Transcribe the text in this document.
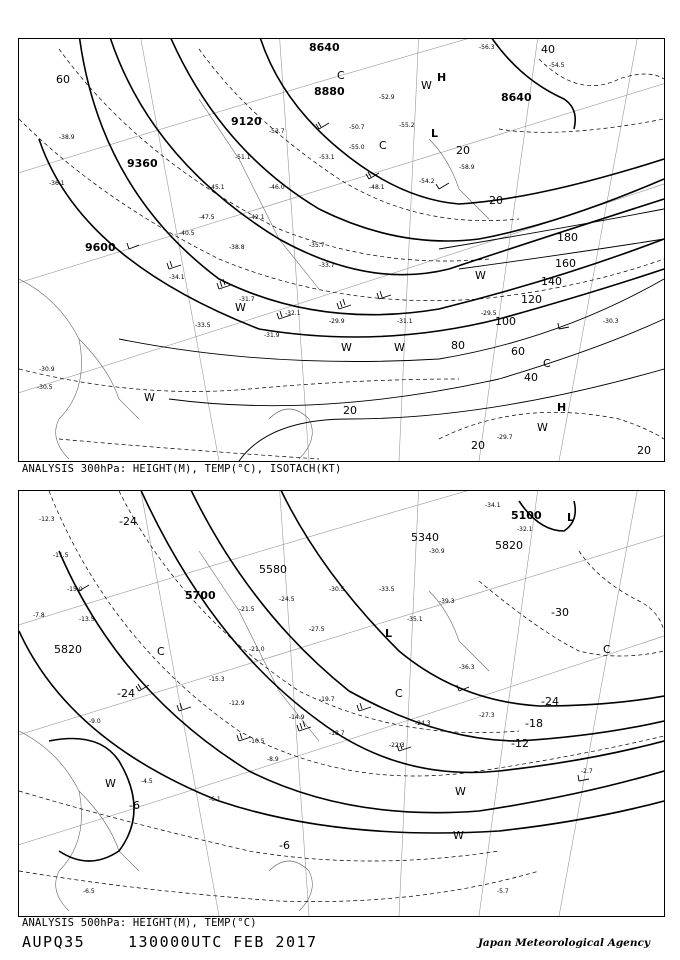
8640
8880
9120
9360
9600
8640
60
20
40
60
80
100
120
140
160
180
20
40
20	20
20
-56.3
-54.5
-53.7
-55.0
-54.2
-51.1	-53.1
-48.1
-45.1	-46.0
-42.1
-38.8
-34.1
-35.7
-30.9
-31.1
-29.5
-30.3
-29.7
-31.7
-33.7
-31.9
-33.5
-30.5
-29.9
-32.1
-36.1
-38.9
-40.5
-47.5
-50.7
-52.9
-55.2
-58.9
H
H
L
C
C
W
W
W
W
W
W
C
W
ANALYSIS 300hPa: HEIGHT(M), TEMP(°C), ISOTACH(KT)
5100
5340
5580
5700
5820
5820
-24
-30
-24
-18
-12
-6
-6
-24
-12.3
-11.5
-15.0
-13.5
-7.8
-21.5
-24.5
-27.5
-30.5	-33.5
-35.1
-39.3
-34.1
-32.1
-30.9
-27.3
-24.3
-22.3
-19.7
-15.3
-12.9
-10.5
-8.9
-6.1
-5.7
-2.7
-4.5
-6.5
-9.0
-36.3
-18.7
-14.9
-21.0
L
L
C	C
C
W
W
W
ANALYSIS 500hPa: HEIGHT(M), TEMP(°C)
AUPQ35	130000UTC FEB 2017	Japan Meteorological Agency
